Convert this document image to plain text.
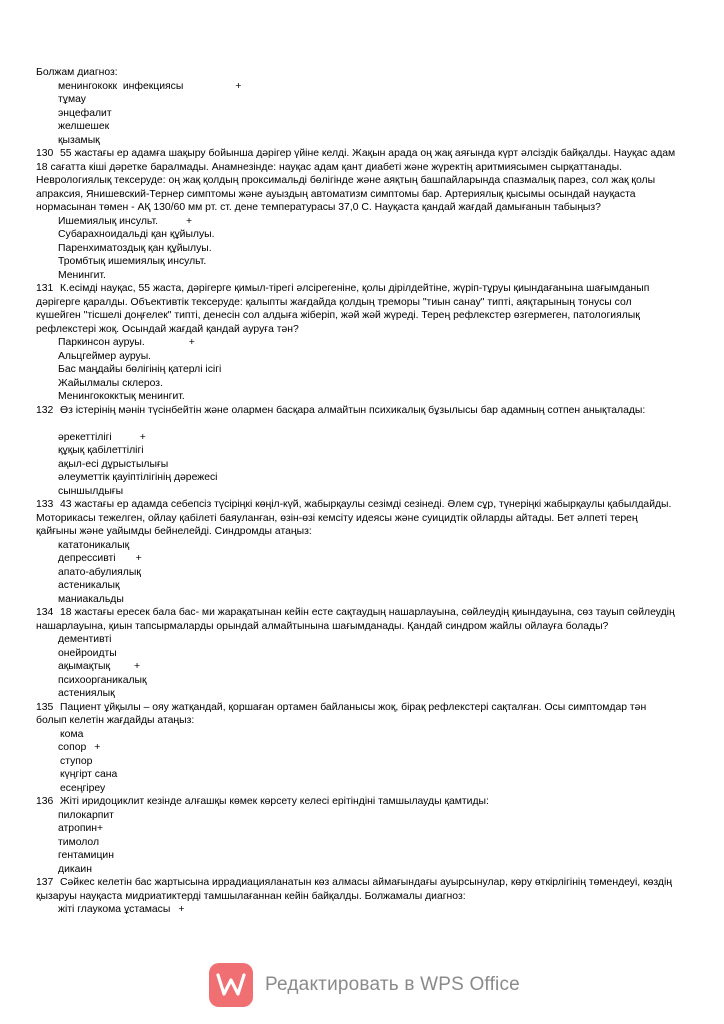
Болжам диагноз:
менингококк  инфекциясы	+
тұмау
энцефалит
желшешек
қызамық
130 55 жастағы ер адамға шақыру бойынша дәрігер үйіне келді. Жақын арада оң жақ аяғында күрт әлсіздік байқалды. Науқас адам 18 сағатта кіші дәретке баралмады. Анамнезінде: науқас адам қант диабеті және жүректің аритмиясымен сырқаттанады. Неврологиялық тексеруде: оң жақ қолдың проксимальді бөлігінде және аяқтың башпайларында спазмалық парез, сол жақ қолы апраксия, Янишевский-Тернер симптомы және ауыздың автоматизм симптомы бар. Артериялық қысымы осындай науқаста нормасынан төмен - АҚ 130/60 мм рт. ст. дене температурасы 37,0 С. Науқаста қандай жағдай дамығанын табыңыз?
Ишемиялық инсульт.	+
Субарахноидальді қан құйылуы.
Паренхиматоздық қан құйылуы.
Тромбтық ишемиялық инсульт.
Менингит.
131 К.есімді науқас, 55 жаста, дәрігерге қимыл-тірегі әлсірегеніне, қолы дірілдейтіне, жүріп-тұруы қиындағанына шағымданып дәрігерге қаралды. Объективтік тексеруде: қалыпты жағдайда қолдың треморы "тиын санау" типті, аяқтарының тонусы сол күшейген "тісшелі доңғелек" типті, денесін сол алдыға жіберіп, жәй жәй жүреді. Терең рефлекстер өзгермеген, патологиялық рефлекстері жоқ. Осындай жағдай қандай ауруға тән?
Паркинсон ауруы.	+
Альцгеймер ауруы.
Бас маңдайы бөлігінің қатерлі ісігі
Жайылмалы склероз.
Менингококктық менингит.
132 Өз істерінің мәнін түсінбейтін және олармен басқара алмайтын психикалық бұзылысы бар адамның сотпен анықталады:
әрекеттілігі	+
құқық қабілеттілігі
ақыл-есі дұрыстылығы
әлеуметтік қауіптілігінің дәрежесі
сыншылдығы
133 43 жастағы ер адамда себепсіз түсіріңкі көңіл-күй, жабырқаулы сезімді сезінеді. Әлем сұр, түнеріңкі жабырқаулы қабылдайды. Моторикасы тежелген, ойлау қабілеті баяуланған, өзін-өзі кемсіту идеясы және суицидтік ойларды айтады. Бет әлпеті терең қайғыны және уайымды бейнелейді. Синдромды атаңыз:
кататоникалық
депрессивті +
апато-абулиялық
астеникалық
маниакальды
134 18 жастағы ересек бала бас- ми жарақатынан кейін есте сақтаудың нашарлауына, сөйлеудің қиындауына, сөз тауып сөйлеудің нашарлауына, қиын тапсырмаларды орындай алмайтынына шағымданады. Қандай синдром жайлы ойлауға болады?
дементивті
онейроидты
ақымақтық +
психоорганикалық
астениялық
135 Пациент ұйқылы – ояу жатқандай, қоршаған ортамен байланысы жоқ, бірақ рефлекстері сақталған. Осы симптомдар тән болып келетін жағдайды атаңыз:
кома
сопор +
ступор
күңгірт сана
есеңгіреу
136 Жіті иридоциклит кезінде алғашқы көмек көрсету келесі ерітіндіні тамшылауды қамтиды:
пилокарпит
атропин+
тимолол
гентамицин
дикаин
137 Сәйкес келетін бас жартысына иррадиацияланатын көз алмасы аймағындағы ауырсынулар, көру өткірлігінің төмендеуі, көздің қызаруы науқаста мидриатиктерді тамшылағаннан кейін байқалды. Болжамалы диагноз:
жіті глаукома ұстамасы +
Редактировать в WPS Office
